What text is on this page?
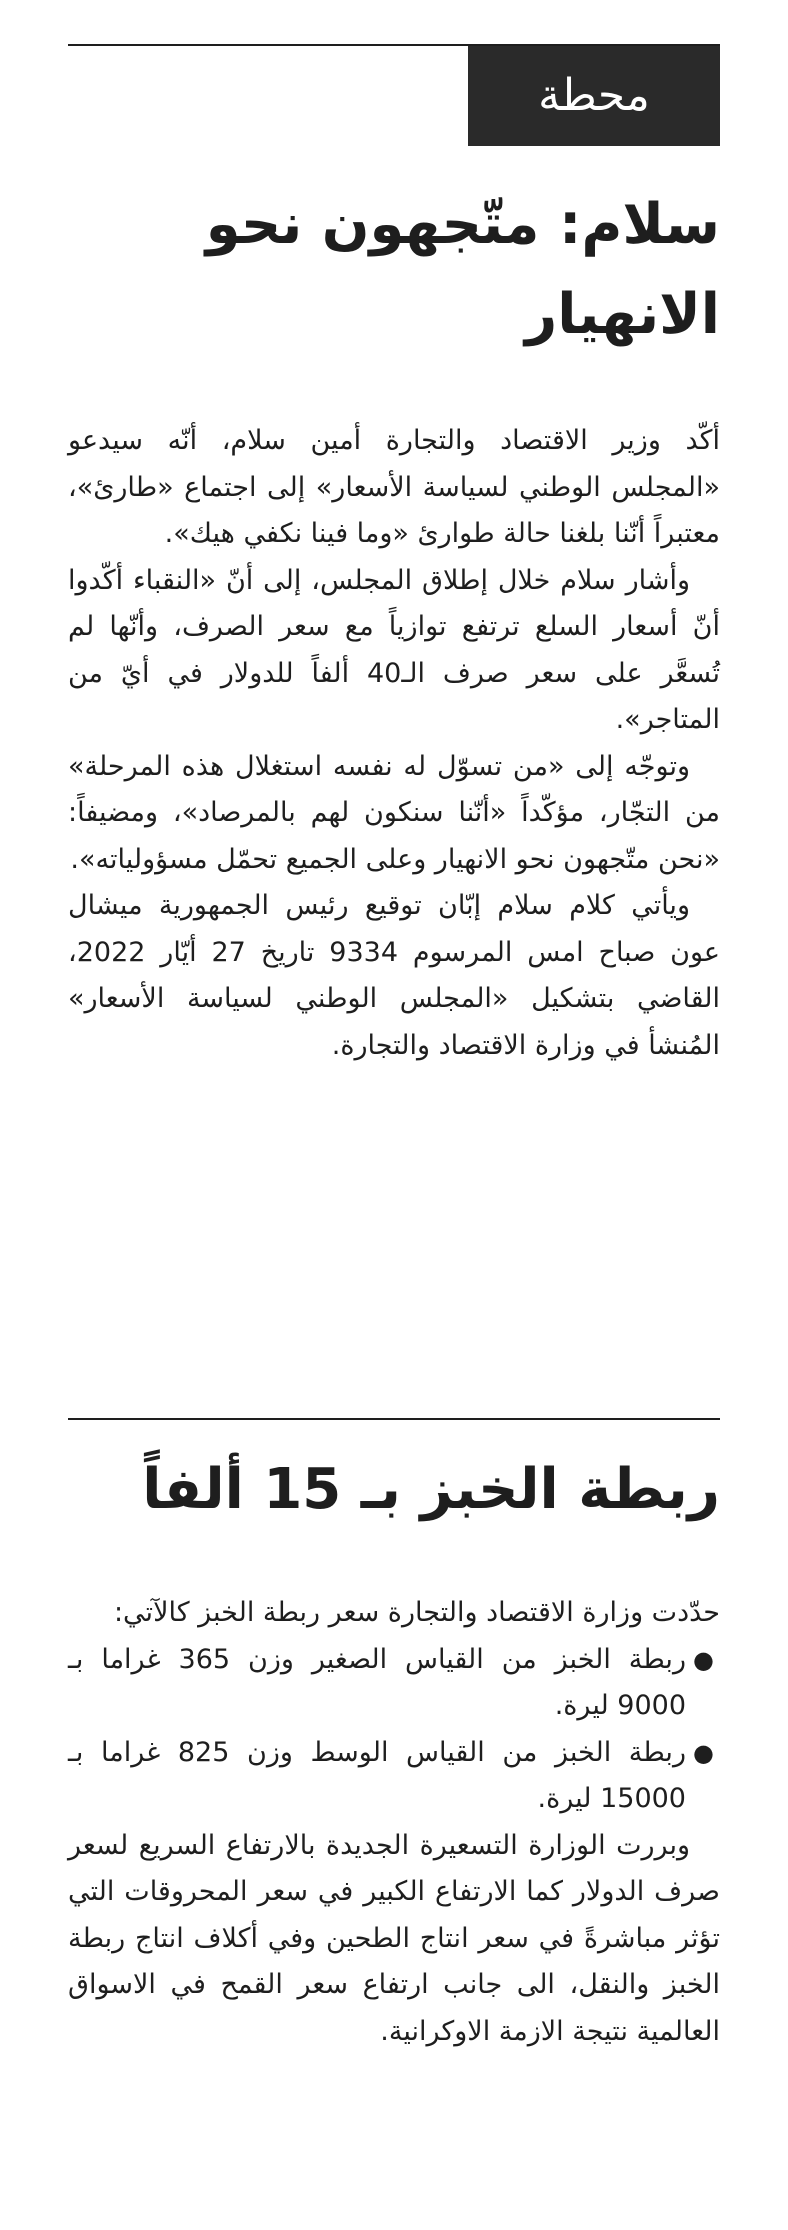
محطة
سلام: متّجهون نحو الانهيار

أكّد وزير الاقتصاد والتجارة أمين سلام، أنّه سيدعو «المجلس الوطني لسياسة الأسعار» إلى اجتماع «طارئ»، معتبراً أنّنا بلغنا حالة طوارئ «وما فينا نكفي هيك».

وأشار سلام خلال إطلاق المجلس، إلى أنّ «النقباء أكّدوا أنّ أسعار السلع ترتفع توازياً مع سعر الصرف، وأنّها لم تُسعَّر على سعر صرف الـ40 ألفاً للدولار في أيّ من المتاجر».

وتوجّه إلى «من تسوّل له نفسه استغلال هذه المرحلة» من التجّار، مؤكّداً «أنّنا سنكون لهم بالمرصاد»، ومضيفاً: «نحن متّجهون نحو الانهيار وعلى الجميع تحمّل مسؤولياته».

ويأتي كلام سلام إبّان توقيع رئيس الجمهورية ميشال عون صباح امس المرسوم 9334 تاريخ 27 أيّار 2022، القاضي بتشكيل «المجلس الوطني لسياسة الأسعار» المُنشأ في وزارة الاقتصاد والتجارة.

ربطة الخبز بـ 15 ألفاً

حدّدت وزارة الاقتصاد والتجارة سعر ربطة الخبز كالآتي:

●
ربطة الخبز من القياس الصغير وزن 365 غراما بـ 9000 ليرة.
●
ربطة الخبز من القياس الوسط وزن 825 غراما بـ 15000 ليرة.

وبررت الوزارة التسعيرة الجديدة بالارتفاع السريع لسعر صرف الدولار كما الارتفاع الكبير في سعر المحروقات التي تؤثر مباشرةً في سعر انتاج الطحين وفي أكلاف انتاج ربطة الخبز والنقل، الى جانب ارتفاع سعر القمح في الاسواق العالمية نتيجة الازمة الاوكرانية.
